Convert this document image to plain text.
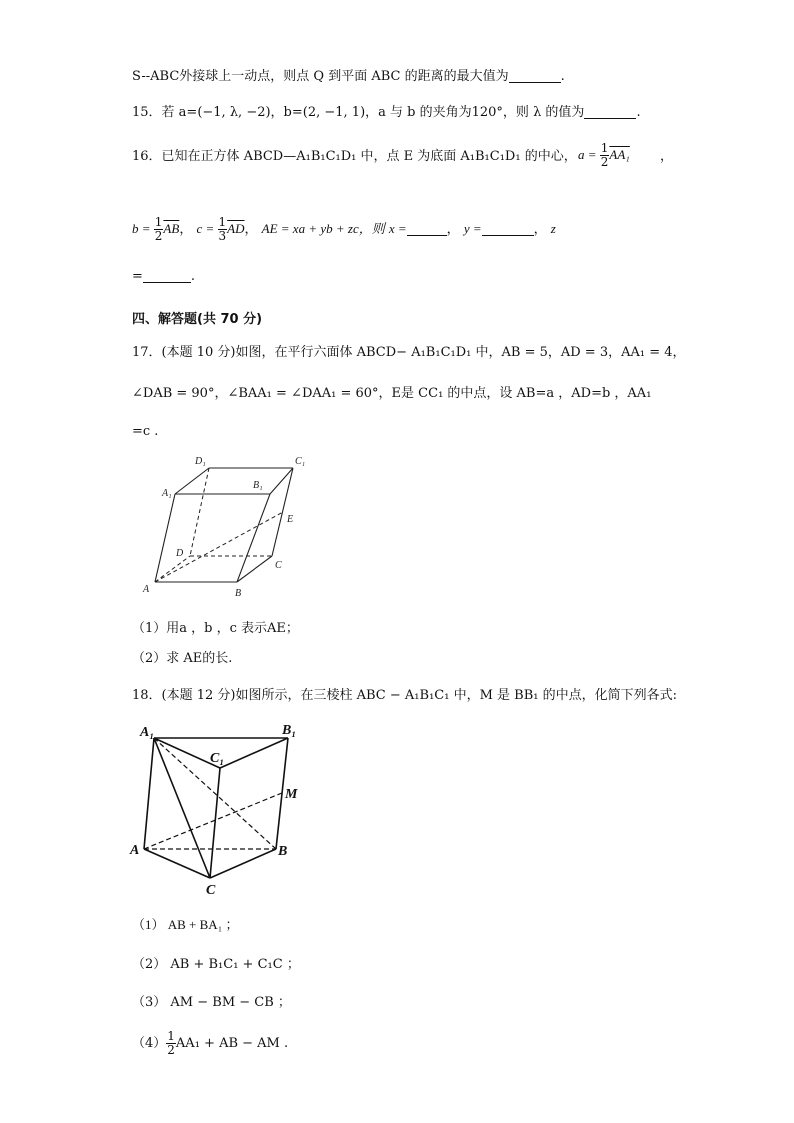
S--ABC外接球上一动点，则点 Q 到平面 ABC 的距离的最大值为	.
15．若 a=(−1, λ, −2)，b=(2, −1, 1)，a 与 b 的夹角为120°，则 λ 的值为	.
16．已知在正方体 ABCD—A₁B₁C₁D₁ 中，点 E 为底面 A₁B₁C₁D₁ 的中心， $a = \frac{1}{2} AA_1$ ，
$b = \frac{1}{2} \overline{AB}$， $c = \frac{1}{3} \overline{AD}$， AE = xa + yb + zc，则 x =	， y =	， z
=	.
四、解答题(共 70 分)
17．(本题 10 分)如图，在平行六面体 ABCD− A₁B₁C₁D₁ 中，AB = 5，AD = 3，AA₁ = 4，
∠DAB = 90°，∠BAA₁ = ∠DAA₁ = 60°，E是 CC₁ 的中点，设 AB=a ，AD=b ，AA₁
=c .
D₁	C₁
A₁
B₁
E
D
C
A	B
（1）用a ，b ，c 表示AE；
（2）求 AE的长.
18．(本题 12 分)如图所示，在三棱柱 ABC − A₁B₁C₁ 中，M 是 BB₁ 的中点，化简下列各式:
A₁	B₁
C₁
M
A	B
C
（1） AB + BA₁ ；
（2） AB + B₁C₁ + C₁C ；
（3） AM − BM − CB ；
$(4) \frac{1}{2} AA_1$ + AB − AM .
